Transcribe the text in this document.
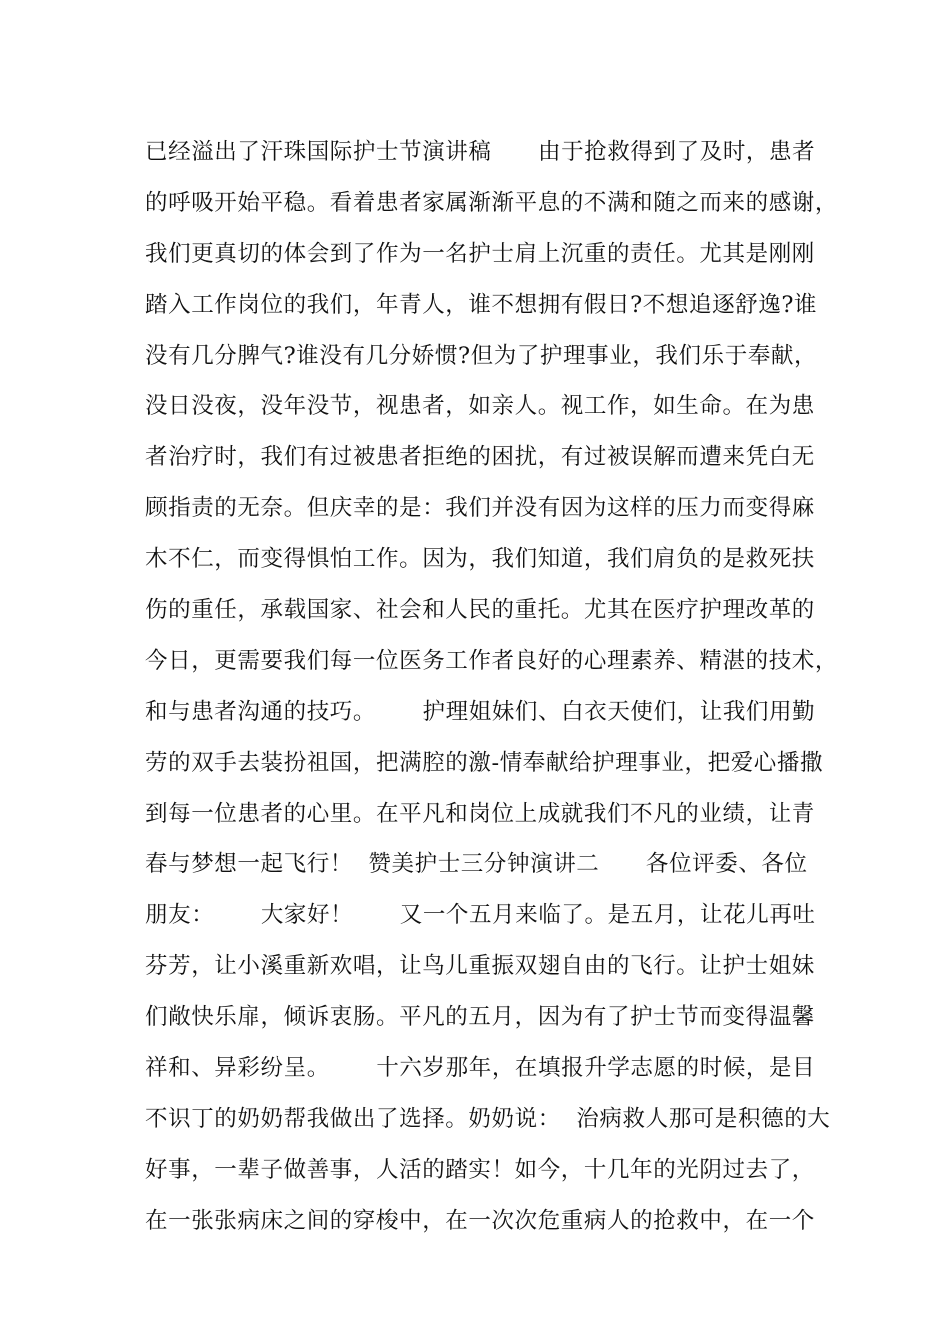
已经溢出了汗珠国际护士节演讲稿      由于抢救得到了及时，患者
的呼吸开始平稳。看着患者家属渐渐平息的不满和随之而来的感谢，
我们更真切的体会到了作为一名护士肩上沉重的责任。尤其是刚刚
踏入工作岗位的我们，年青人，谁不想拥有假日?不想追逐舒逸?谁
没有几分脾气?谁没有几分娇惯?但为了护理事业，我们乐于奉献，
没日没夜，没年没节，视患者，如亲人。视工作，如生命。在为患
者治疗时，我们有过被患者拒绝的困扰，有过被误解而遭来凭白无
顾指责的无奈。但庆幸的是：我们并没有因为这样的压力而变得麻
木不仁，而变得惧怕工作。因为，我们知道，我们肩负的是救死扶
伤的重任，承载国家、社会和人民的重托。尤其在医疗护理改革的
今日，更需要我们每一位医务工作者良好的心理素养、精湛的技术，
和与患者沟通的技巧。      护理姐妹们、白衣天使们，让我们用勤
劳的双手去装扮祖国，把满腔的激-情奉献给护理事业，把爱心播撒
到每一位患者的心里。在平凡和岗位上成就我们不凡的业绩，让青
春与梦想一起飞行！  赞美护士三分钟演讲二      各位评委、各位
朋友：      大家好！      又一个五月来临了。是五月，让花儿再吐
芬芳，让小溪重新欢唱，让鸟儿重振双翅自由的飞行。让护士姐妹
们敞快乐扉，倾诉衷肠。平凡的五月，因为有了护士节而变得温馨
祥和、异彩纷呈。      十六岁那年，在填报升学志愿的时候，是目
不识丁的奶奶帮我做出了选择。奶奶说：  治病救人那可是积德的大
好事，一辈子做善事，人活的踏实！如今，十几年的光阴过去了，
在一张张病床之间的穿梭中，在一次次危重病人的抢救中，在一个
